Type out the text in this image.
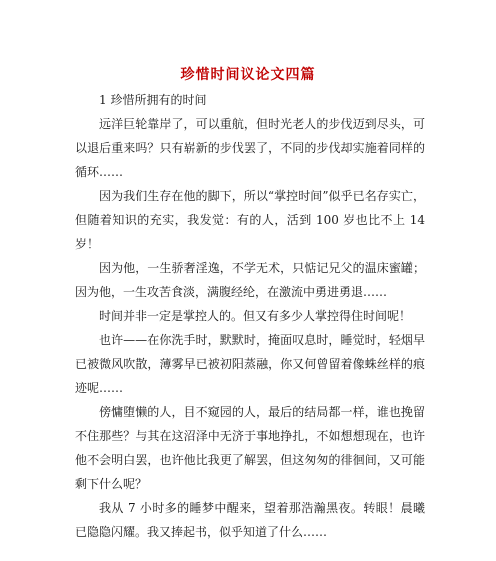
珍惜时间议论文四篇

1 珍惜所拥有的时间

远洋巨轮靠岸了，可以重航，但时光老人的步伐迈到尽头，可以退后重来吗？只有崭新的步伐罢了，不同的步伐却实施着同样的循环……

因为我们生存在他的脚下，所以“掌控时间”似乎已名存实亡，但随着知识的充实，我发觉：有的人，活到 100 岁也比不上 14 岁！

因为他，一生骄奢淫逸，不学无术，只惦记兄父的温床蜜罐；因为他，一生攻苦食淡，满腹经纶，在激流中勇进勇退……

时间并非一定是掌控人的。但又有多少人掌控得住时间呢！

也许——在你洗手时，默默时，掩面叹息时，睡觉时，轻烟早已被微风吹散，薄雾早已被初阳蒸融，你又何曾留着像蛛丝样的痕迹呢……

傍慵堕懒的人，目不窥园的人，最后的结局都一样，谁也挽留不住那些？与其在这沼泽中无济于事地挣扎，不如想想现在，也许他不会明白罢，也许他比我更了解罢，但这匆匆的徘徊间，又可能剩下什么呢？

我从 7 小时多的睡梦中醒来，望着那浩瀚黑夜。转眼！晨曦已隐隐闪耀。我又捧起书，似乎知道了什么……
